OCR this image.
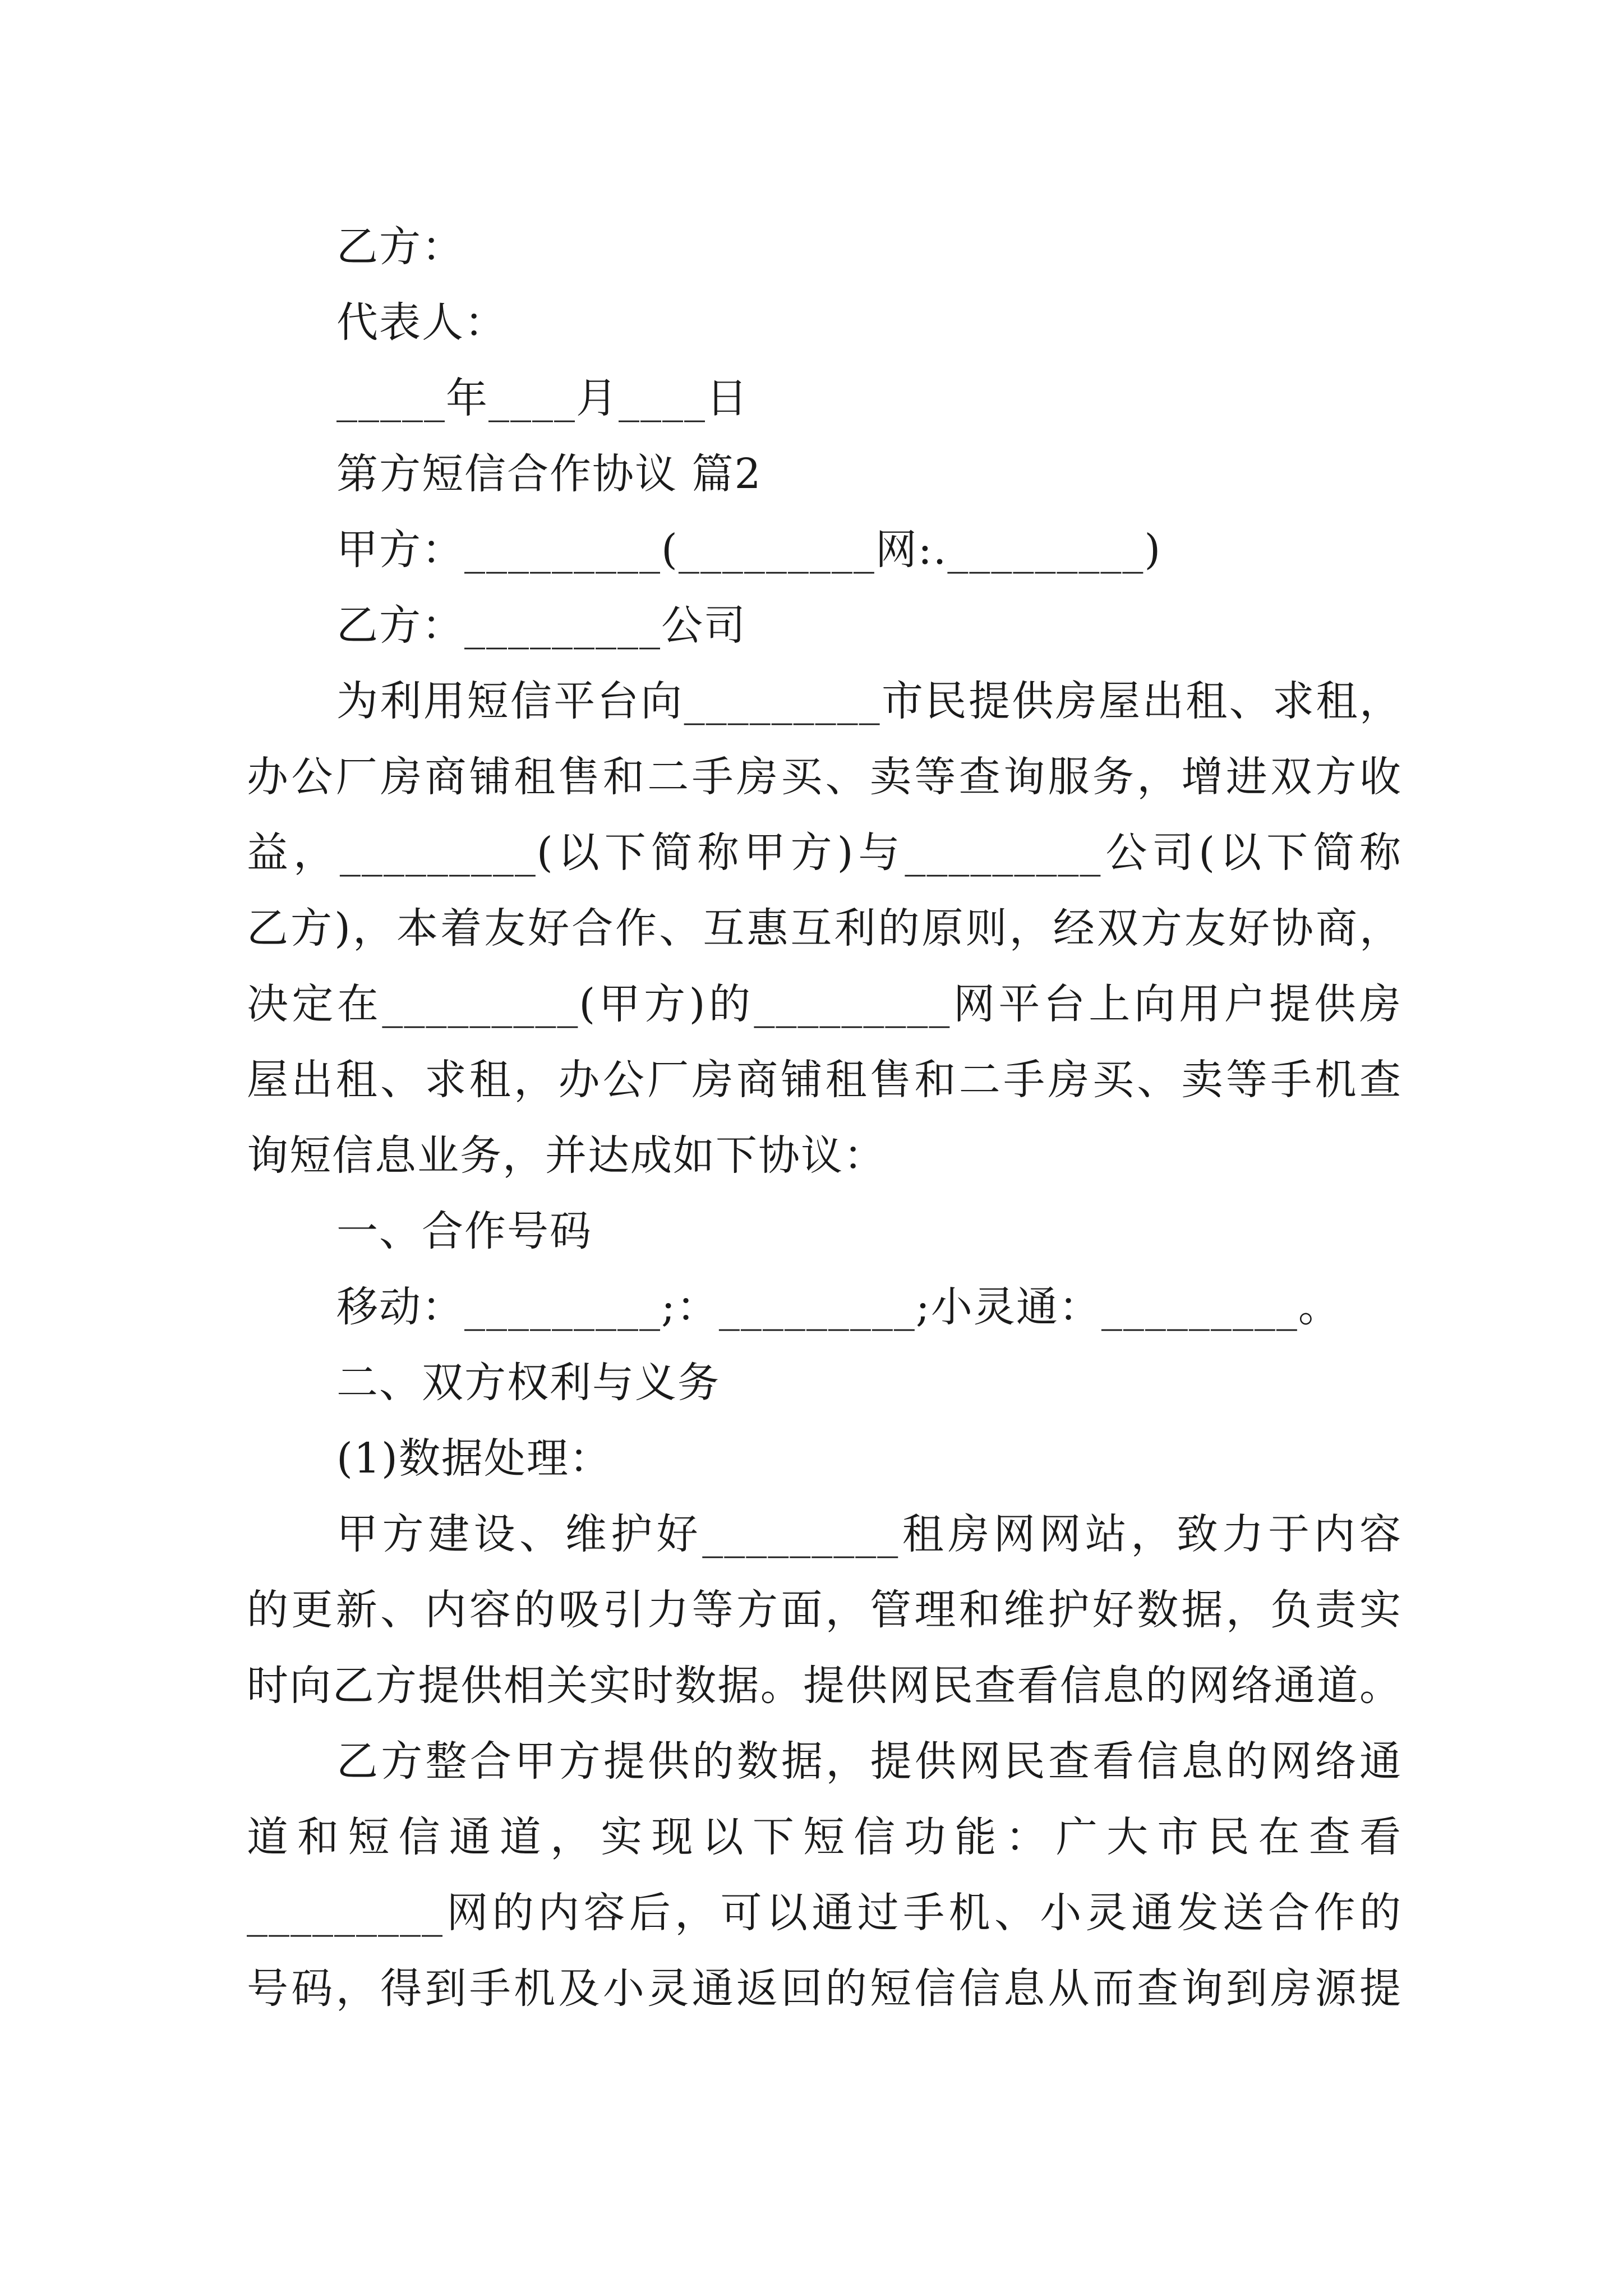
乙方：
代表人：
_____年____月____日
第方短信合作协议 篇2
甲方：_________(_________网:._________)
乙方：_________公司
为利用短信平台向_________市民提供房屋出租、求租，
办公厂房商铺租售和二手房买、卖等查询服务，增进双方收
益，_________(以下简称甲方)与_________公司(以下简称
乙方)，本着友好合作、互惠互利的原则，经双方友好协商，
决定在_________(甲方)的_________网平台上向用户提供房
屋出租、求租，办公厂房商铺租售和二手房买、卖等手机查
询短信息业务，并达成如下协议：
一、合作号码
移动：_________;：_________;小灵通：_________。
二、双方权利与义务
(1)数据处理：
甲方建设、维护好_________租房网网站，致力于内容
的更新、内容的吸引力等方面，管理和维护好数据，负责实
时向乙方提供相关实时数据。提供网民查看信息的网络通道。
乙方整合甲方提供的数据，提供网民查看信息的网络通
道和短信通道，实现以下短信功能：广大市民在查看
_________网的内容后，可以通过手机、小灵通发送合作的
号码，得到手机及小灵通返回的短信信息从而查询到房源提
